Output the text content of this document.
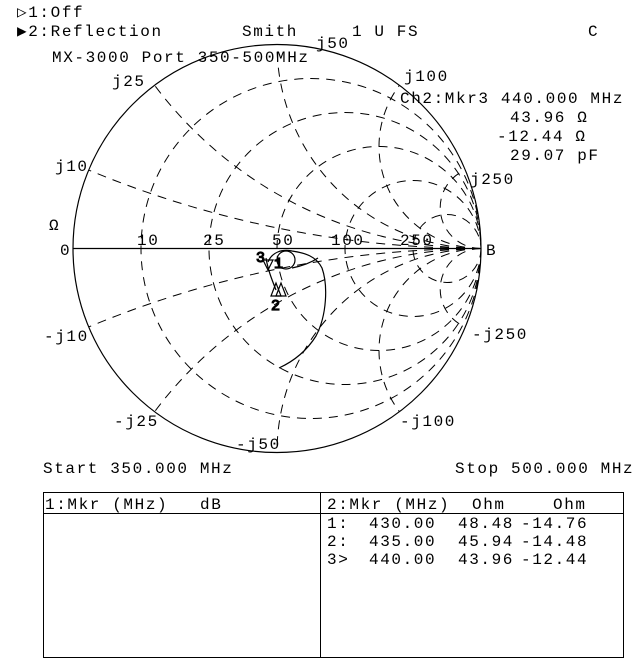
▷1:Off
▶2:Reflection	Smith	1 U FS	C
MX-3000 Port 350-500MHz
0
Ω
10	25	50 100 250
B
j10
j25
j50
j100
j250
-j10
-j25
-j50
-j100
-j250
1
2
3
Ch2:Mkr3 440.000 MHz
43.96 Ω
-12.44 Ω
29.07 pF
Start 350.000 MHz	Stop 500.000 MHz
1:Mkr (MHz) dB	2:Mkr (MHz) Ohm	Ohm
1: 430.00 48.48 -14.76
2: 435.00 45.94 -14.48
3> 440.00 43.96 -12.44
